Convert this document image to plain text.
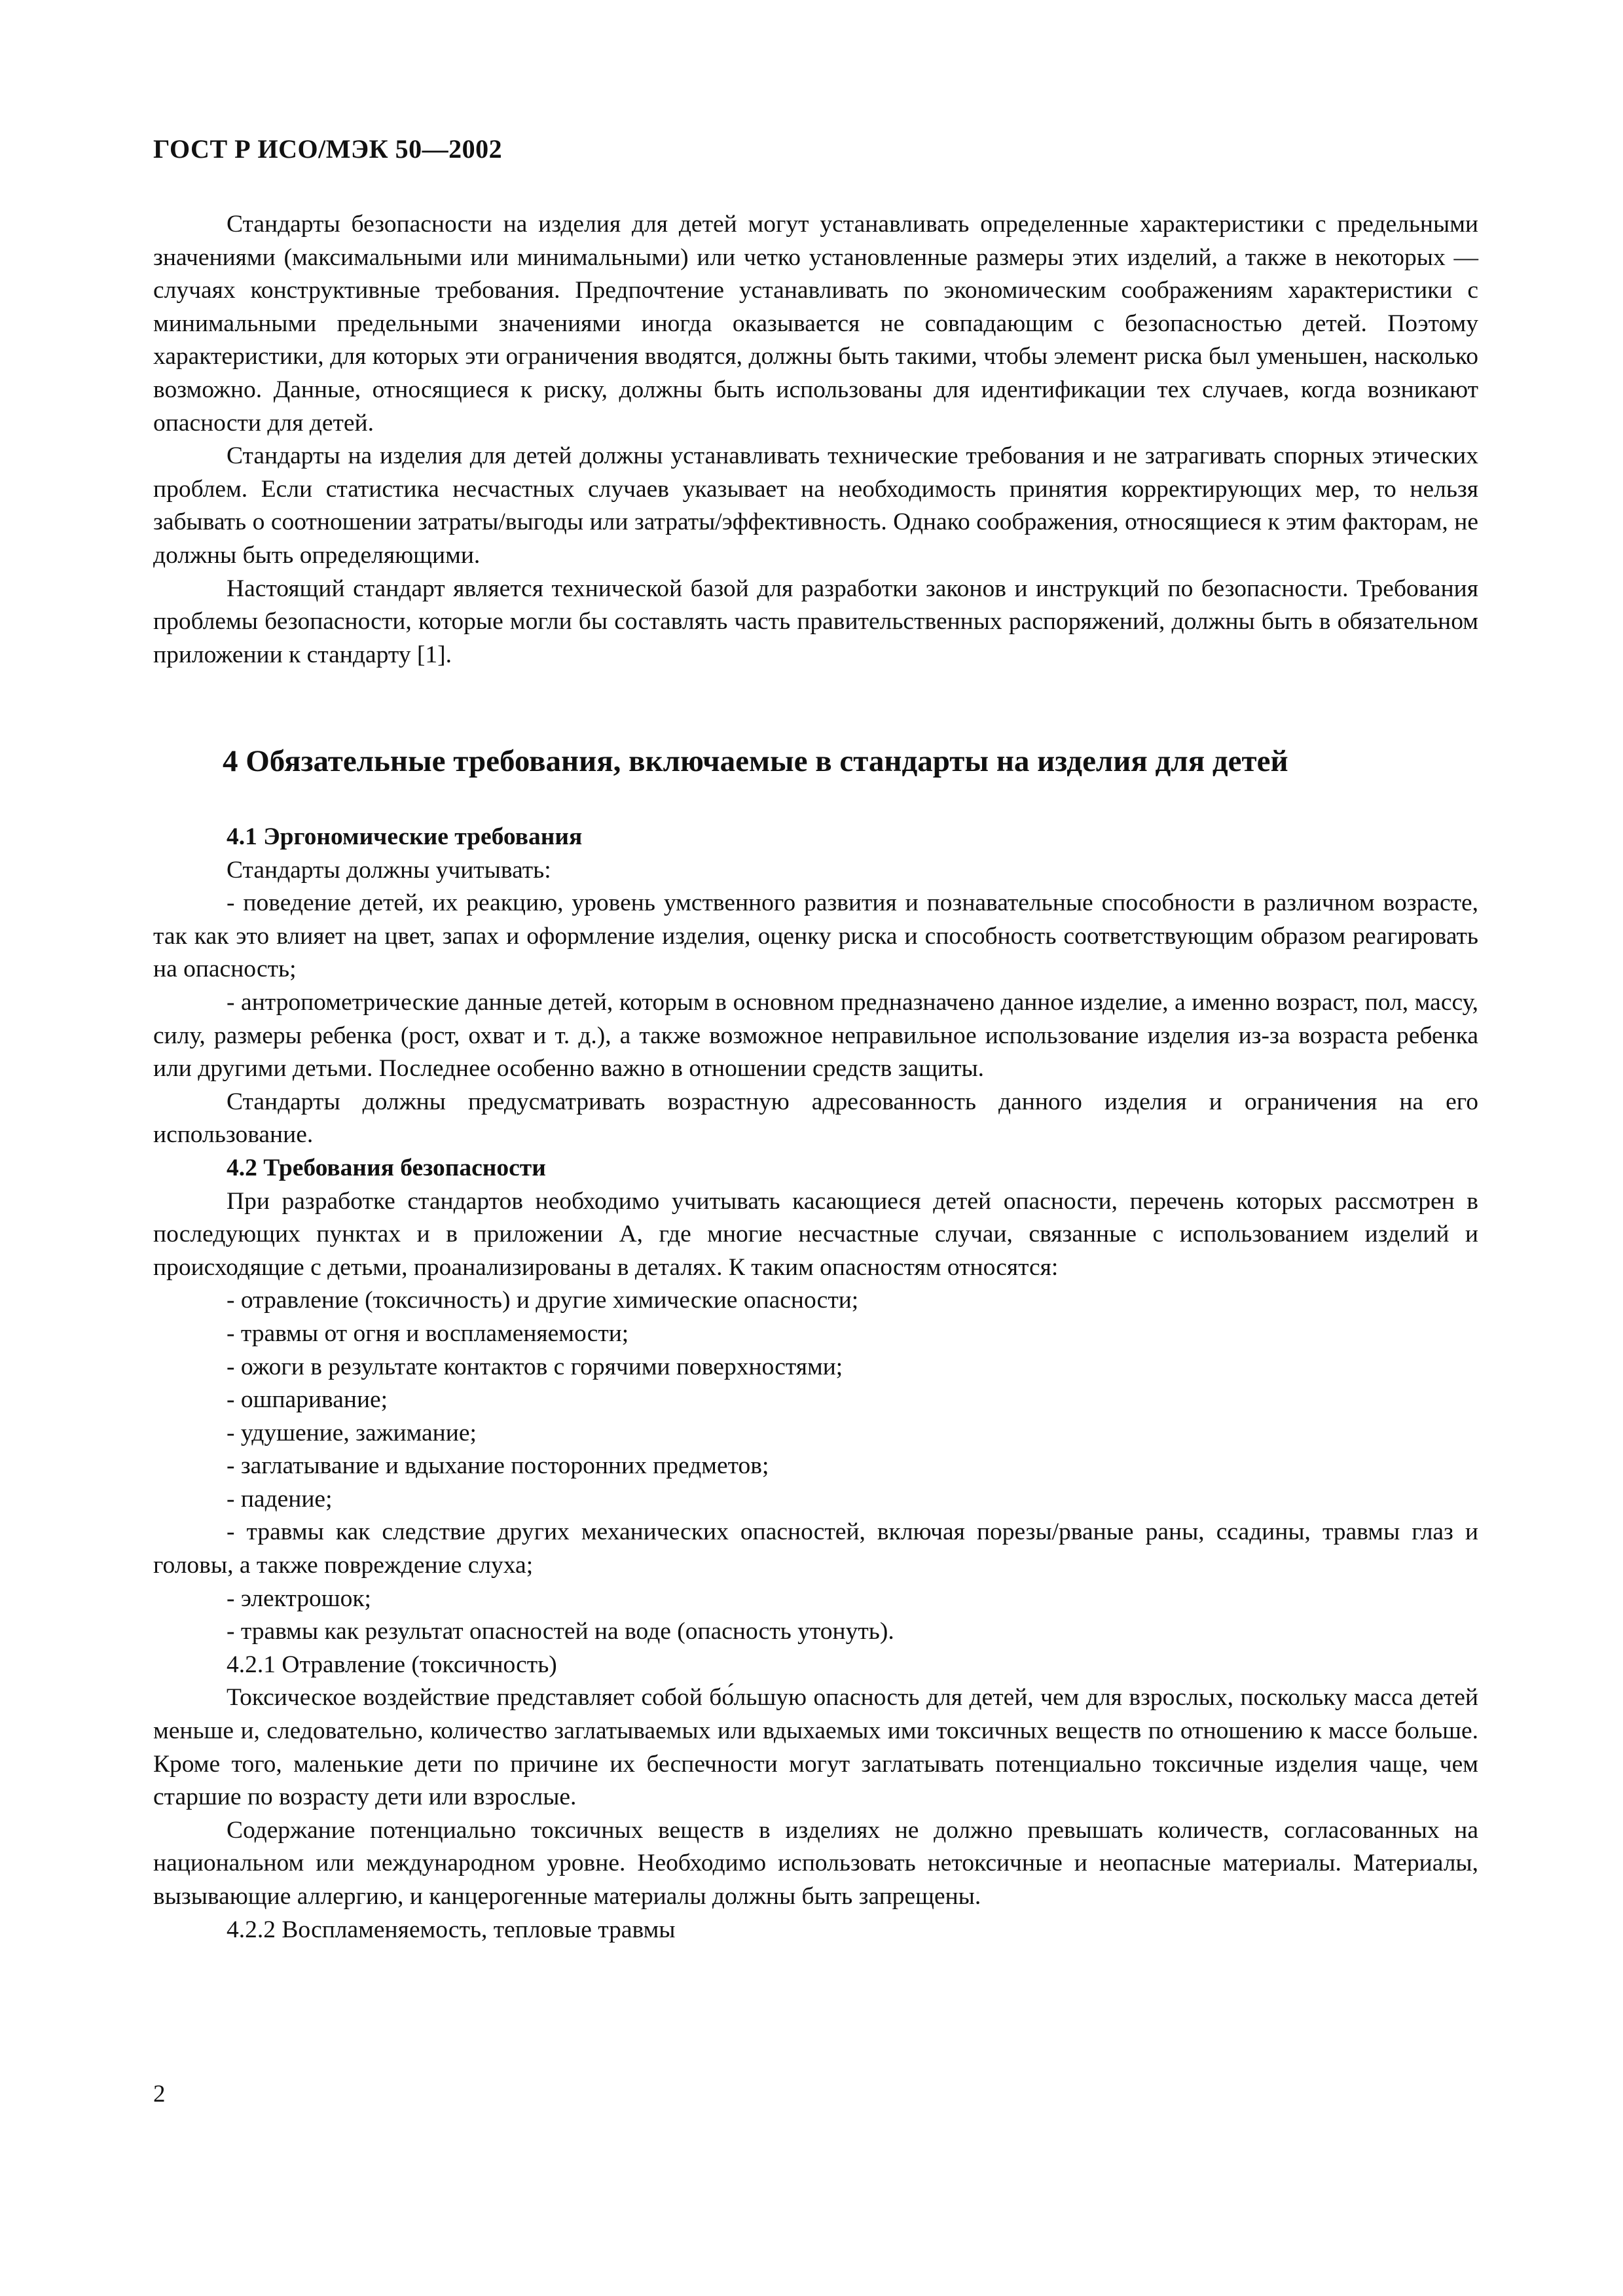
ГОСТ Р ИСО/МЭК 50—2002

Стандарты безопасности на изделия для детей могут устанавливать определенные характеристики с предельными значениями (максимальными или минимальными) или четко установленные размеры этих изделий, а также в некоторых — случаях конструктивные требования. Предпочтение устанавливать по экономическим соображениям характеристики с минимальными предельными значениями иногда оказывается не совпадающим с безопасностью детей. Поэтому характеристики, для которых эти ограничения вводятся, должны быть такими, чтобы элемент риска был уменьшен, насколько возможно. Данные, относящиеся к риску, должны быть использованы для идентификации тех случаев, когда возникают опасности для детей.

Стандарты на изделия для детей должны устанавливать технические требования и не затрагивать спорных этических проблем. Если статистика несчастных случаев указывает на необходимость принятия корректирующих мер, то нельзя забывать о соотношении затраты/выгоды или затраты/эффективность. Однако соображения, относящиеся к этим факторам, не должны быть определяющими.

Настоящий стандарт является технической базой для разработки законов и инструкций по безопасности. Требования проблемы безопасности, которые могли бы составлять часть правительственных распоряжений, должны быть в обязательном приложении к стандарту [1].

4 Обязательные требования, включаемые в стандарты на изделия для детей

4.1 Эргономические требования

Стандарты должны учитывать:

- поведение детей, их реакцию, уровень умственного развития и познавательные способности в различном возрасте, так как это влияет на цвет, запах и оформление изделия, оценку риска и способность соответствующим образом реагировать на опасность;

- антропометрические данные детей, которым в основном предназначено данное изделие, а именно возраст, пол, массу, силу, размеры ребенка (рост, охват и т. д.), а также возможное неправильное использование изделия из-за возраста ребенка или другими детьми. Последнее особенно важно в отношении средств защиты.

Стандарты должны предусматривать возрастную адресованность данного изделия и ограничения на его использование.

4.2 Требования безопасности

При разработке стандартов необходимо учитывать касающиеся детей опасности, перечень которых рассмотрен в последующих пунктах и в приложении А, где многие несчастные случаи, связанные с использованием изделий и происходящие с детьми, проанализированы в деталях. К таким опасностям относятся:

- отравление (токсичность) и другие химические опасности;

- травмы от огня и воспламеняемости;

- ожоги в результате контактов с горячими поверхностями;

- ошпаривание;

- удушение, зажимание;

- заглатывание и вдыхание посторонних предметов;

- падение;

- травмы как следствие других механических опасностей, включая порезы/рваные раны, ссадины, травмы глаз и головы, а также повреждение слуха;

- электрошок;

- травмы как результат опасностей на воде (опасность утонуть).

4.2.1 Отравление (токсичность)

Токсическое воздействие представляет собой бо́льшую опасность для детей, чем для взрослых, поскольку масса детей меньше и, следовательно, количество заглатываемых или вдыхаемых ими токсичных веществ по отношению к массе больше. Кроме того, маленькие дети по причине их беспечности могут заглатывать потенциально токсичные изделия чаще, чем старшие по возрасту дети или взрослые.

Содержание потенциально токсичных веществ в изделиях не должно превышать количеств, согласованных на национальном или международном уровне. Необходимо использовать нетоксичные и неопасные материалы. Материалы, вызывающие аллергию, и канцерогенные материалы должны быть запрещены.

4.2.2 Воспламеняемость, тепловые травмы

2
